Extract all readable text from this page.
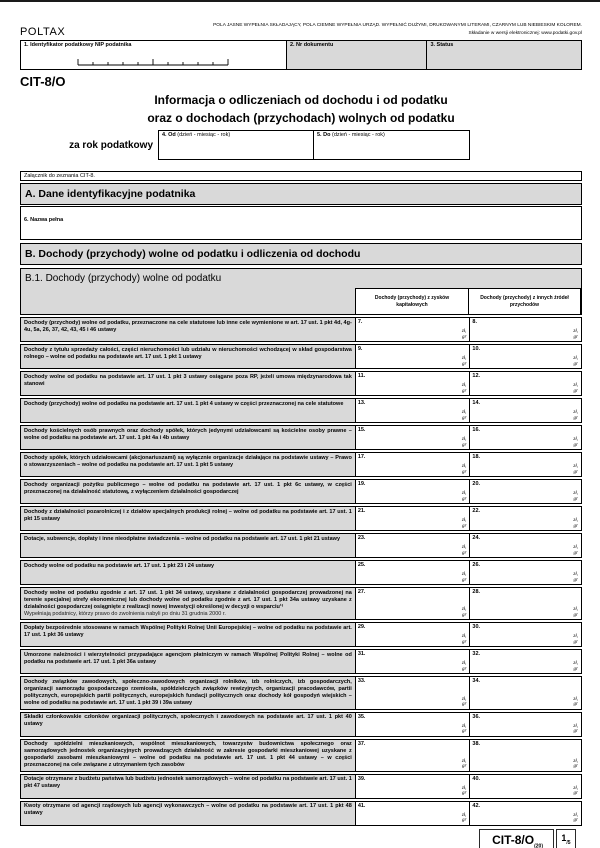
POLTAX
POLA JASNE WYPEŁNIA SKŁADAJĄCY, POLA CIEMNE WYPEŁNIA URZĄD. WYPEŁNIĆ DUŻYMI, DRUKOWANYMI LITERAMI, CZARNYM LUB NIEBIESKIM KOLOREM.
Składanie w wersji elektronicznej: www.podatki.gov.pl
1. Identyfikator podatkowy NIP podatnika	2. Nr dokumentu	3. Status
CIT-8/O
Informacja o odliczeniach od dochodu i od podatku
oraz o dochodach (przychodach) wolnych od podatku
za rok podatkowy
4. Od (dzień - miesiąc - rok)	5. Do (dzień - miesiąc - rok)
Załącznik do zeznania CIT-8.
A. Dane identyfikacyjne podatnika
6. Nazwa pełna
B. Dochody (przychody) wolne od podatku i odliczenia od dochodu
B.1. Dochody (przychody) wolne od podatku
Dochody (przychody) z zysków kapitałowych
Dochody (przychody) z innych źródeł przychodów
Dochody (przychody) wolne od podatku, przeznaczone na cele statutowe lub inne cele wymienione w art. 17 ust. 1 pkt 4d, 4g-4u, 5a, 26, 37, 42, 43, 45 i 46 ustawy
7.
zł,
gr
8.
zł,
gr
Dochody z tytułu sprzedaży całości, części nieruchomości lub udziału w nieruchomości wchodzącej w skład gospodarstwa rolnego – wolne od podatku na podstawie art. 17 ust. 1 pkt 1 ustawy
9.
zł,
gr
10.
zł,
gr
Dochody wolne od podatku na podstawie art. 17 ust. 1 pkt 3 ustawy osiągane poza RP, jeżeli umowa międzynarodowa tak stanowi
11.
zł,
gr
12.
zł,
gr
Dochody (przychody) wolne od podatku na podstawie art. 17 ust. 1 pkt 4 ustawy w części przeznaczonej na cele statutowe	13.
zł,
gr
14.
zł,
gr
Dochody kościelnych osób prawnych oraz dochody spółek, których jedynymi udziałowcami są kościelne osoby prawne – wolne od podatku na podstawie art. 17 ust. 1 pkt 4a i 4b ustawy
15.
zł,
gr
16.
zł,
gr
Dochody spółek, których udziałowcami (akcjonariuszami) są wyłącznie organizacje działające na podstawie ustawy – Prawo o stowarzyszeniach – wolne od podatku na podstawie art. 17 ust. 1 pkt 5 ustawy
17.
zł,
gr
18.
zł,
gr
Dochody organizacji pożytku publicznego – wolne od podatku na podstawie art. 17 ust. 1 pkt 6c ustawy, w części przeznaczonej na działalność statutową, z wyłączeniem działalności gospodarczej
19.
zł,
gr
20.
zł,
gr
Dochody z działalności pozarolniczej i z działów specjalnych produkcji rolnej – wolne od podatku na podstawie art. 17 ust. 1 pkt 15 ustawy
21.
zł,
gr
22.
zł,
gr
Dotacje, subwencje, dopłaty i inne nieodpłatne świadczenia – wolne od podatku na podstawie art. 17 ust. 1 pkt 21 ustawy	23.
zł,
gr
24.
zł,
gr
Dochody wolne od podatku na podstawie art. 17 ust. 1 pkt 23 i 24 ustawy	25.
zł,
gr
26.
zł,
gr
Dochody wolne od podatku zgodnie z art. 17 ust. 1 pkt 34 ustawy, uzyskane z działalności gospodarczej prowadzonej na terenie specjalnej strefy ekonomicznej lub dochody wolne od podatku zgodnie z art. 17 ust. 1 pkt 34a ustawy uzyskane z działalności gospodarczej osiągnięte z realizacji nowej inwestycji określonej w decyzji o wsparciu¹⁾
Wypełniają podatnicy, którzy prawo do zwolnienia nabyli po dniu 31 grudnia 2000 r.
27.
zł,
gr
28.
zł,
gr
Dopłaty bezpośrednie stosowane w ramach Wspólnej Polityki Rolnej Unii Europejskiej – wolne od podatku na podstawie art. 17 ust. 1 pkt 36 ustawy
29.
zł,
gr
30.
zł,
gr
Umorzone należności i wierzytelności przypadające agencjom płatniczym w ramach Wspólnej Polityki Rolnej – wolne od podatku na podstawie art. 17 ust. 1 pkt 36a ustawy
31.
zł,
gr
32.
zł,
gr
Dochody związków zawodowych, społeczno-zawodowych organizacji rolników, izb rolniczych, izb gospodarczych, organizacji samorządu gospodarczego rzemiosła, spółdzielczych związków rewizyjnych, organizacji pracodawców, partii politycznych, europejskich partii politycznych, europejskich fundacji politycznych oraz dochody kół gospodyń wiejskich – wolne od podatku na podstawie art. 17 ust. 1 pkt 39 i 39a ustawy
33.
zł,
gr
34.
zł,
gr
Składki członkowskie członków organizacji politycznych, społecznych i zawodowych na podstawie art. 17 ust. 1 pkt 40 ustawy
35.
zł,
gr
36.
zł,
gr
Dochody spółdzielni mieszkaniowych, wspólnot mieszkaniowych, towarzystw budownictwa społecznego oraz samorządowych jednostek organizacyjnych prowadzących działalność w zakresie gospodarki mieszkaniowej uzyskane z gospodarki zasobami mieszkaniowymi – wolne od podatku na podstawie art. 17 ust. 1 pkt 44 ustawy – w części przeznaczonej na cele związane z utrzymaniem tych zasobów
37.
zł,
gr
38.
zł,
gr
Dotacje otrzymane z budżetu państwa lub budżetu jednostek samorządowych – wolne od podatku na podstawie art. 17 ust. 1 pkt 47 ustawy
39.
zł,
gr
40.
zł,
gr
Kwoty otrzymane od agencji rządowych lub agencji wykonawczych – wolne od podatku na podstawie art. 17 ust. 1 pkt 48 ustawy
41.
zł,
gr
42.
zł,
gr
CIT-$8/O_{(20)}$
$1_{/5}$
